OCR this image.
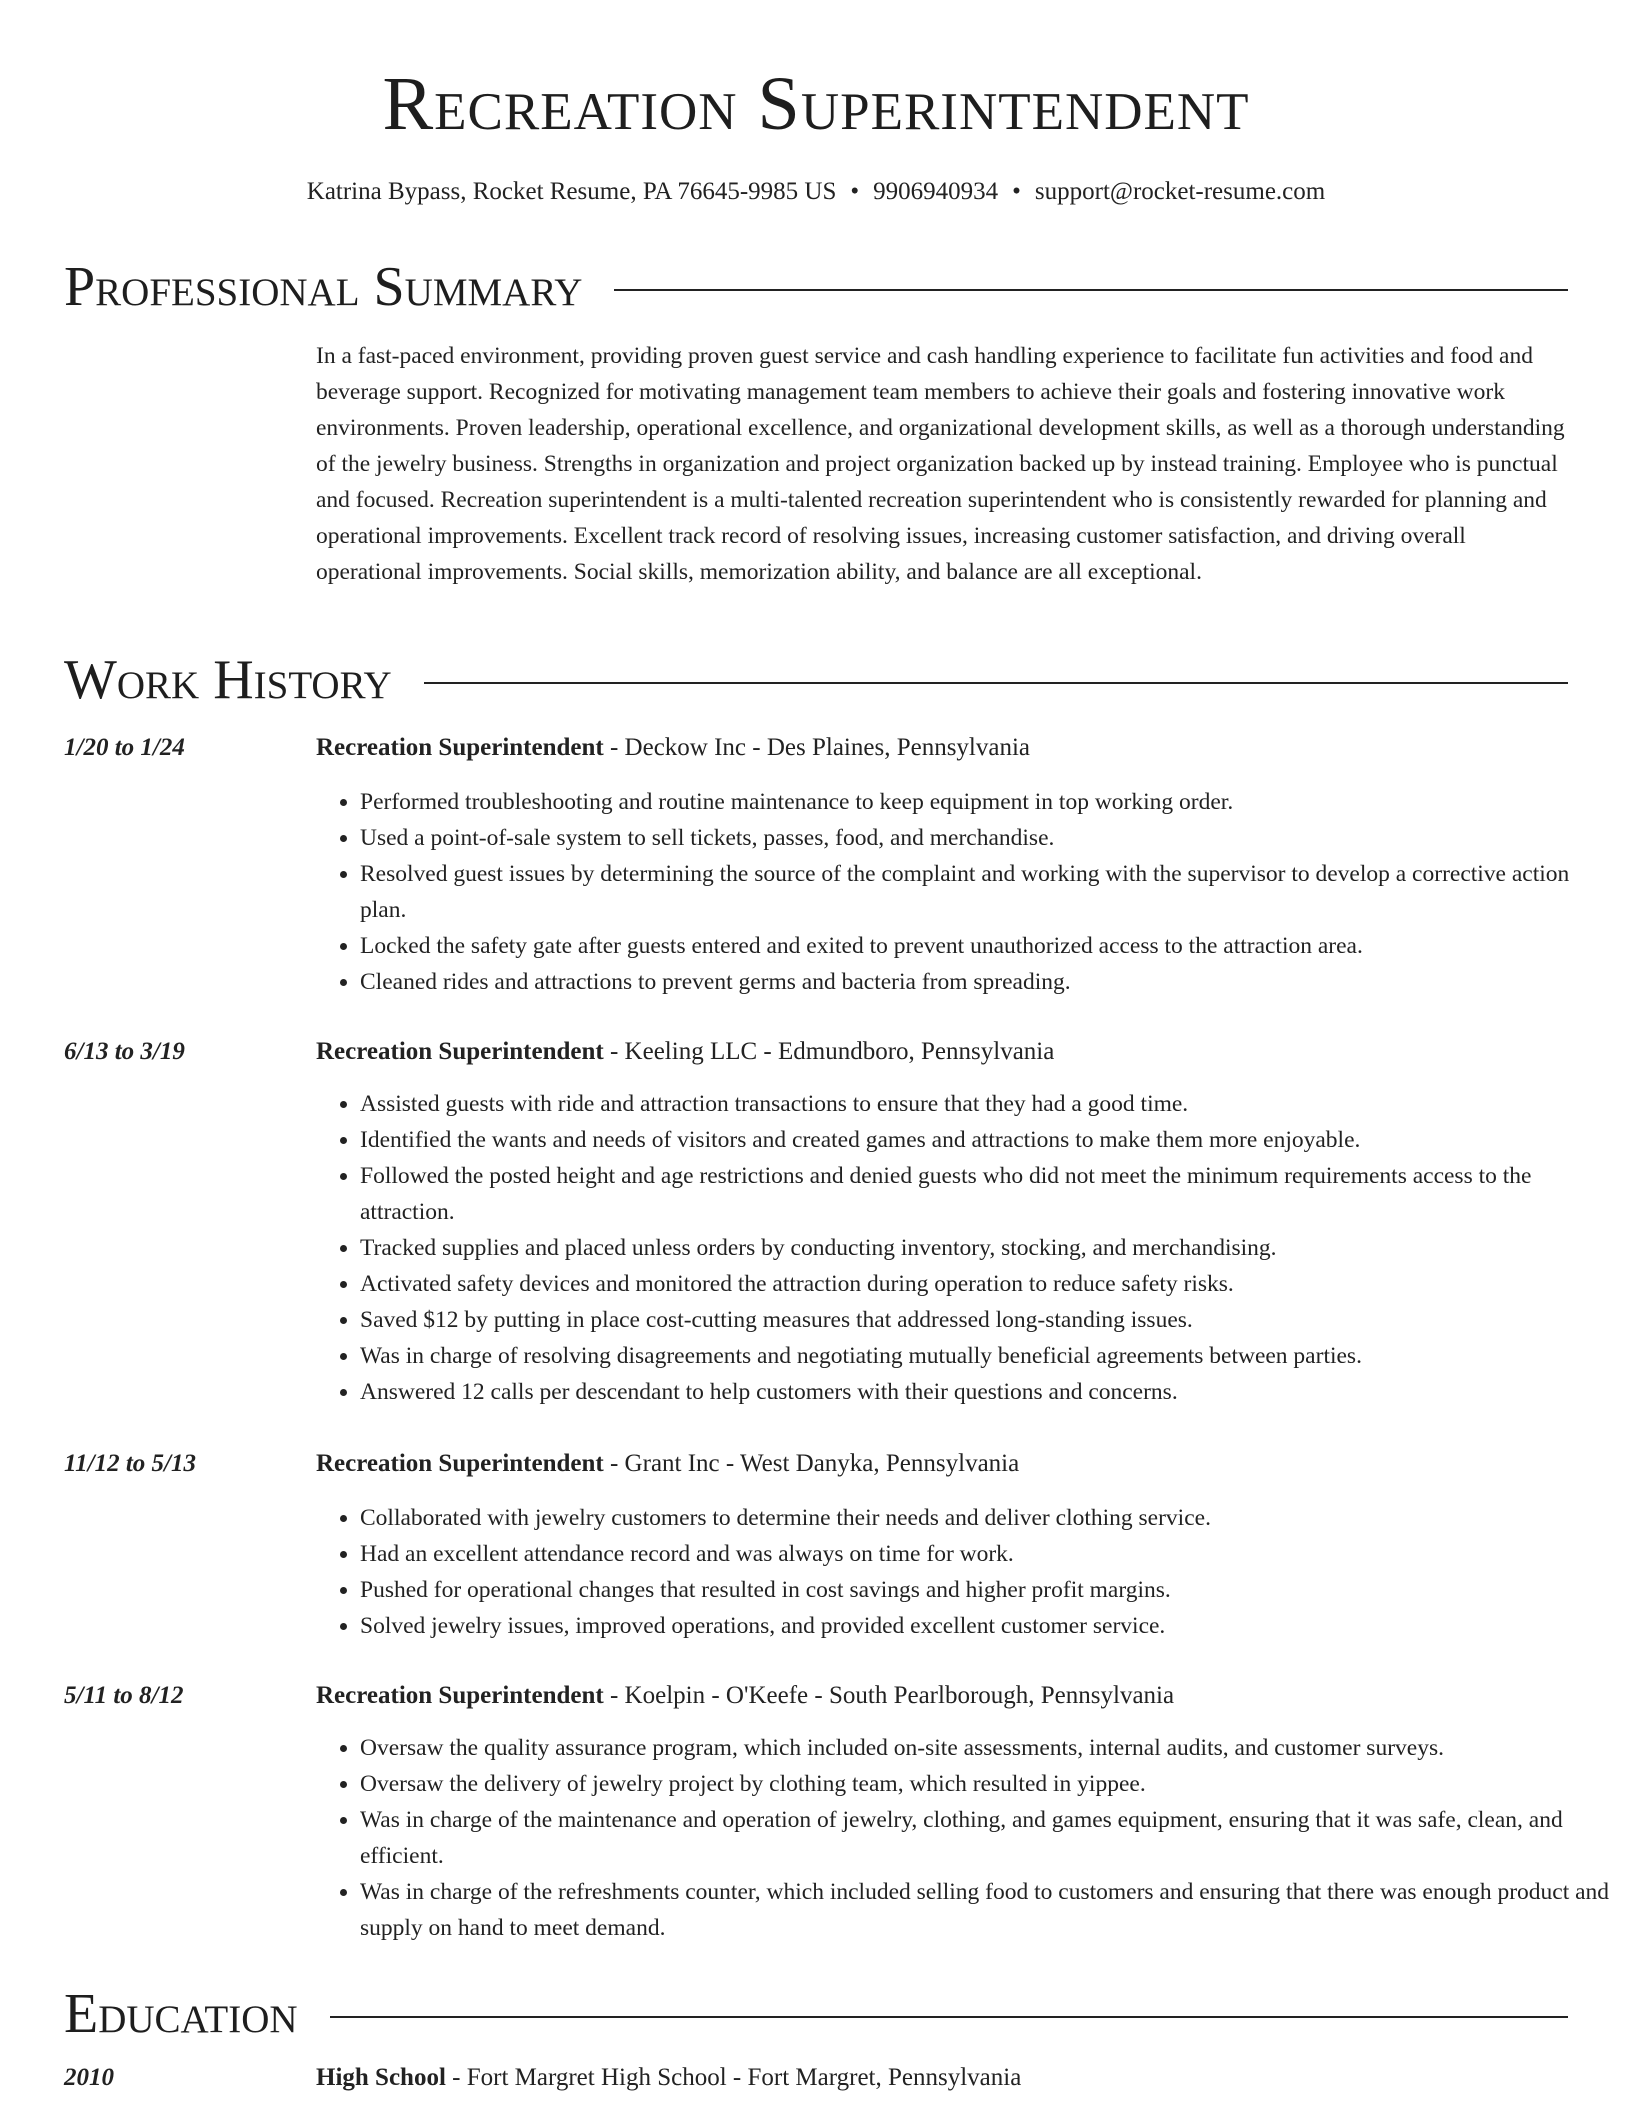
Recreation Superintendent
Katrina Bypass, Rocket Resume, PA 76645-9985 US • 9906940934 • support@rocket-resume.com
Professional Summary

In a fast-paced environment, providing proven guest service and cash handling experience to facilitate fun activities and food and beverage support. Recognized for motivating management team members to achieve their goals and fostering innovative work environments. Proven leadership, operational excellence, and organizational development skills, as well as a thorough understanding of the jewelry business. Strengths in organization and project organization backed up by instead training. Employee who is punctual and focused. Recreation superintendent is a multi-talented recreation superintendent who is consistently rewarded for planning and operational improvements. Excellent track record of resolving issues, increasing customer satisfaction, and driving overall operational improvements. Social skills, memorization ability, and balance are all exceptional.

Work History
1/20 to 1/24	Recreation Superintendent - Deckow Inc - Des Plaines, Pennsylvania
• Performed troubleshooting and routine maintenance to keep equipment in top working order.
• Used a point-of-sale system to sell tickets, passes, food, and merchandise.
• Resolved guest issues by determining the source of the complaint and working with the supervisor to develop a corrective action plan.
• Locked the safety gate after guests entered and exited to prevent unauthorized access to the attraction area.
• Cleaned rides and attractions to prevent germs and bacteria from spreading.
6/13 to 3/19	Recreation Superintendent - Keeling LLC - Edmundboro, Pennsylvania
• Assisted guests with ride and attraction transactions to ensure that they had a good time.
• Identified the wants and needs of visitors and created games and attractions to make them more enjoyable.
• Followed the posted height and age restrictions and denied guests who did not meet the minimum requirements access to the attraction.
• Tracked supplies and placed unless orders by conducting inventory, stocking, and merchandising.
• Activated safety devices and monitored the attraction during operation to reduce safety risks.
• Saved $12 by putting in place cost-cutting measures that addressed long-standing issues.
• Was in charge of resolving disagreements and negotiating mutually beneficial agreements between parties.
• Answered 12 calls per descendant to help customers with their questions and concerns.
11/12 to 5/13	Recreation Superintendent - Grant Inc - West Danyka, Pennsylvania
• Collaborated with jewelry customers to determine their needs and deliver clothing service.
• Had an excellent attendance record and was always on time for work.
• Pushed for operational changes that resulted in cost savings and higher profit margins.
• Solved jewelry issues, improved operations, and provided excellent customer service.
5/11 to 8/12	Recreation Superintendent - Koelpin - O'Keefe - South Pearlborough, Pennsylvania
• Oversaw the quality assurance program, which included on-site assessments, internal audits, and customer surveys.
• Oversaw the delivery of jewelry project by clothing team, which resulted in yippee.
• Was in charge of the maintenance and operation of jewelry, clothing, and games equipment, ensuring that it was safe, clean, and efficient.
• Was in charge of the refreshments counter, which included selling food to customers and ensuring that there was enough product and supply on hand to meet demand.
Education
2010	High School - Fort Margret High School - Fort Margret, Pennsylvania
